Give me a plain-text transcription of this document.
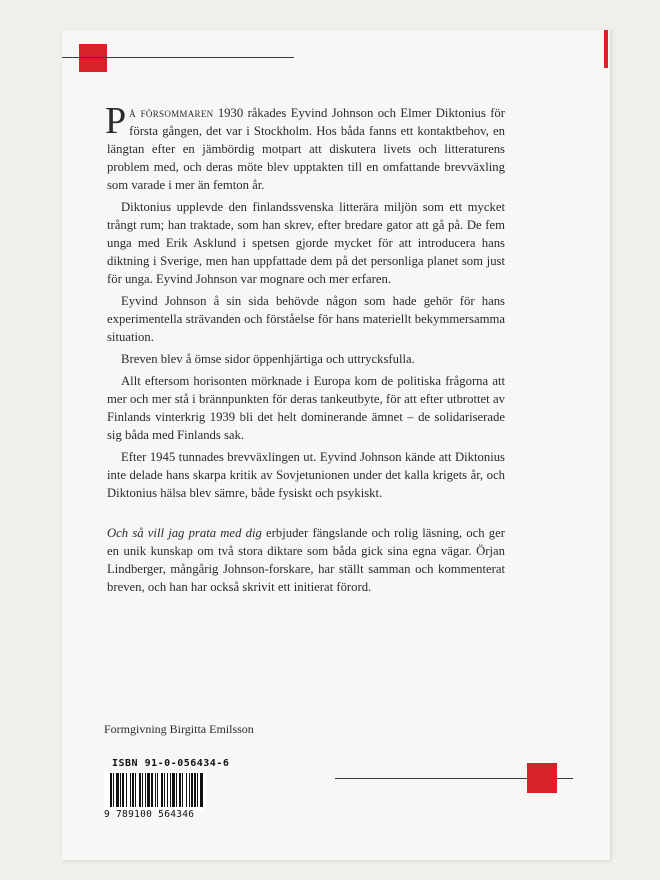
På försommaren 1930 råkades Eyvind Johnson och Elmer Diktonius för första gången, det var i Stockholm. Hos båda fanns ett kontaktbehov, en längtan efter en jämbördig motpart att diskutera livets och litteraturens problem med, och deras möte blev upptakten till en omfattande brevväxling som varade i mer än femton år.

Diktonius upplevde den finlandssvenska litterära miljön som ett mycket trångt rum; han traktade, som han skrev, efter bredare gator att gå på. De fem unga med Erik Asklund i spetsen gjorde mycket för att introducera hans diktning i Sverige, men han uppfattade dem på det personliga planet som just för unga. Eyvind Johnson var mognare och mer erfaren.

Eyvind Johnson å sin sida behövde någon som hade gehör för hans experimentella strävanden och förståelse för hans materiellt bekymmersamma situation.

Breven blev å ömse sidor öppenhjärtiga och uttrycksfulla.

Allt eftersom horisonten mörknade i Europa kom de politiska frågorna att mer och mer stå i brännpunkten för deras tankeutbyte, för att efter utbrottet av Finlands vinterkrig 1939 bli det helt dominerande ämnet – de solidariserade sig båda med Finlands sak.

Efter 1945 tunnades brevväxlingen ut. Eyvind Johnson kände att Diktonius inte delade hans skarpa kritik av Sovjetunionen under det kalla krigets år, och Diktonius hälsa blev sämre, både fysiskt och psykiskt.

Och så vill jag prata med dig erbjuder fängslande och rolig läsning, och ger en unik kunskap om två stora diktare som båda gick sina egna vägar. Örjan Lindberger, mångårig Johnson-forskare, har ställt samman och kommenterat breven, och han har också skrivit ett initierat förord.

Formgivning Birgitta Emilsson
ISBN 91-0-056434-6
9 789100 564346
